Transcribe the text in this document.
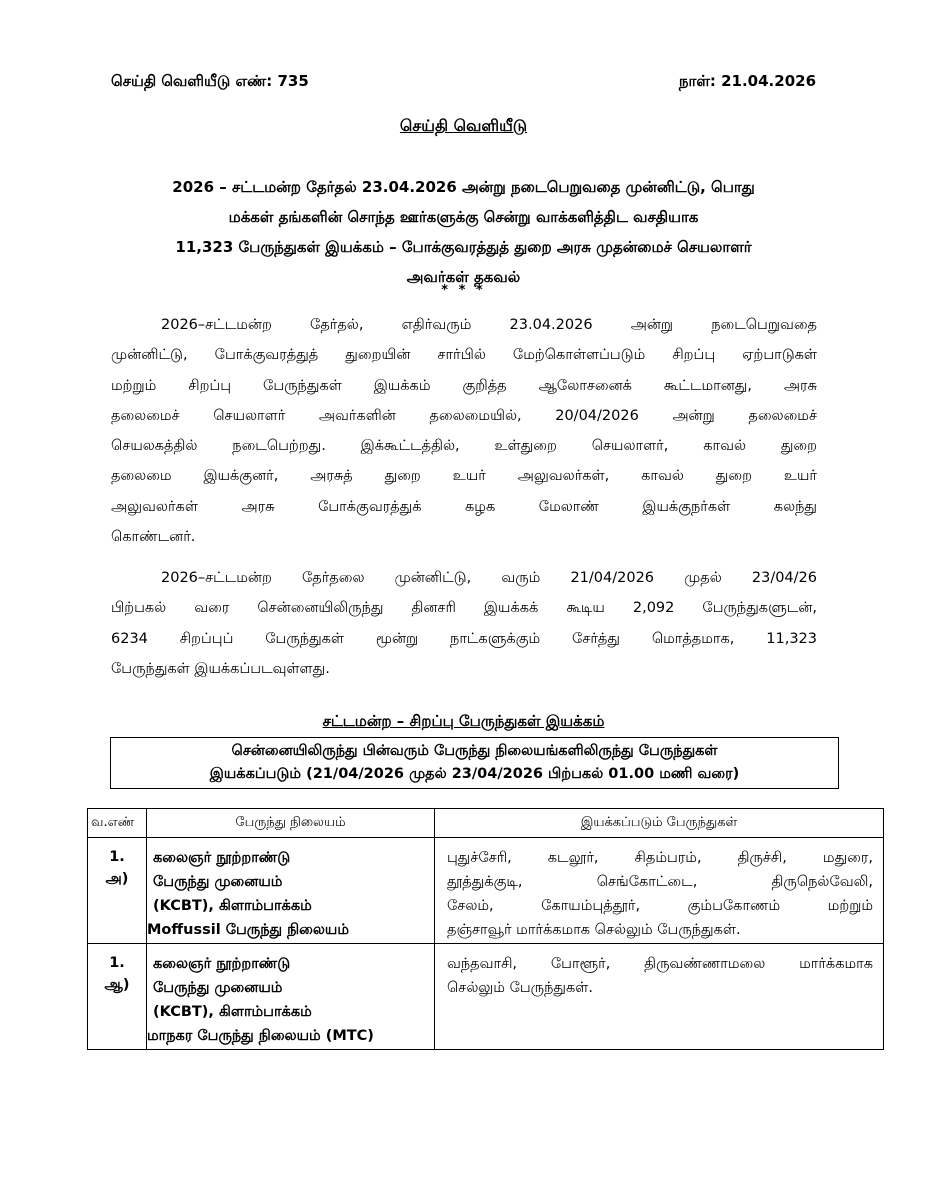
செய்தி வெளியீடு எண்: 735	நாள்: 21.04.2026
செய்தி வெளியீடு
2026 – சட்டமன்ற தேர்தல் 23.04.2026 அன்று நடைபெறுவதை முன்னிட்டு, பொது
மக்கள் தங்களின் சொந்த ஊர்களுக்கு சென்று வாக்களித்திட வசதியாக
11,323 பேருந்துகள் இயக்கம் – போக்குவரத்துத் துறை அரசு முதன்மைச் செயலாளர்
அவர்கள் தகவல்
* * *
2026–சட்டமன்ற தேர்தல், எதிர்வரும் 23.04.2026 அன்று நடைபெறுவதை
முன்னிட்டு, போக்குவரத்துத் துறையின் சார்பில் மேற்கொள்ளப்படும் சிறப்பு ஏற்பாடுகள்
மற்றும் சிறப்பு பேருந்துகள் இயக்கம் குறித்த ஆலோசனைக் கூட்டமானது, அரசு
தலைமைச் செயலாளர் அவர்களின் தலைமையில், 20/04/2026 அன்று தலைமைச்
செயலகத்தில் நடைபெற்றது. இக்கூட்டத்தில், உள்துறை செயலாளர், காவல் துறை
தலைமை இயக்குனர், அரசுத் துறை உயர் அலுவலர்கள், காவல் துறை உயர்
அலுவலர்கள் அரசு போக்குவரத்துக் கழக மேலாண் இயக்குநர்கள் கலந்து
கொண்டனர்.
2026–சட்டமன்ற தேர்தலை முன்னிட்டு, வரும் 21/04/2026 முதல் 23/04/26
பிற்பகல் வரை சென்னையிலிருந்து தினசரி இயக்கக் கூடிய 2,092 பேருந்துகளுடன்,
6234 சிறப்புப் பேருந்துகள் மூன்று நாட்களுக்கும் சேர்த்து மொத்தமாக, 11,323
பேருந்துகள் இயக்கப்படவுள்ளது.
சட்டமன்ற – சிறப்பு பேருந்துகள் இயக்கம்
சென்னையிலிருந்து பின்வரும் பேருந்து நிலையங்களிலிருந்து பேருந்துகள்
இயக்கப்படும் (21/04/2026 முதல் 23/04/2026 பிற்பகல் 01.00 மணி வரை)
வ.எண்	பேருந்து நிலையம்	இயக்கப்படும் பேருந்துகள்

1.
அ)	கலைஞர் நூற்றாண்டு
பேருந்து முனையம்
(KCBT), கிளாம்பாக்கம்
Moffussil பேருந்து நிலையம்	புதுச்சேரி, கடலூர், சிதம்பரம், திருச்சி, மதுரை,
தூத்துக்குடி, செங்கோட்டை, திருநெல்வேலி,
சேலம், கோயம்புத்தூர், கும்பகோணம் மற்றும்
தஞ்சாவூர் மார்க்கமாக செல்லும் பேருந்துகள்.

1.
ஆ)	கலைஞர் நூற்றாண்டு
பேருந்து முனையம்
(KCBT), கிளாம்பாக்கம்
மாநகர பேருந்து நிலையம் (MTC)	வந்தவாசி, போளூர், திருவண்ணாமலை மார்க்கமாக
செல்லும் பேருந்துகள்.
